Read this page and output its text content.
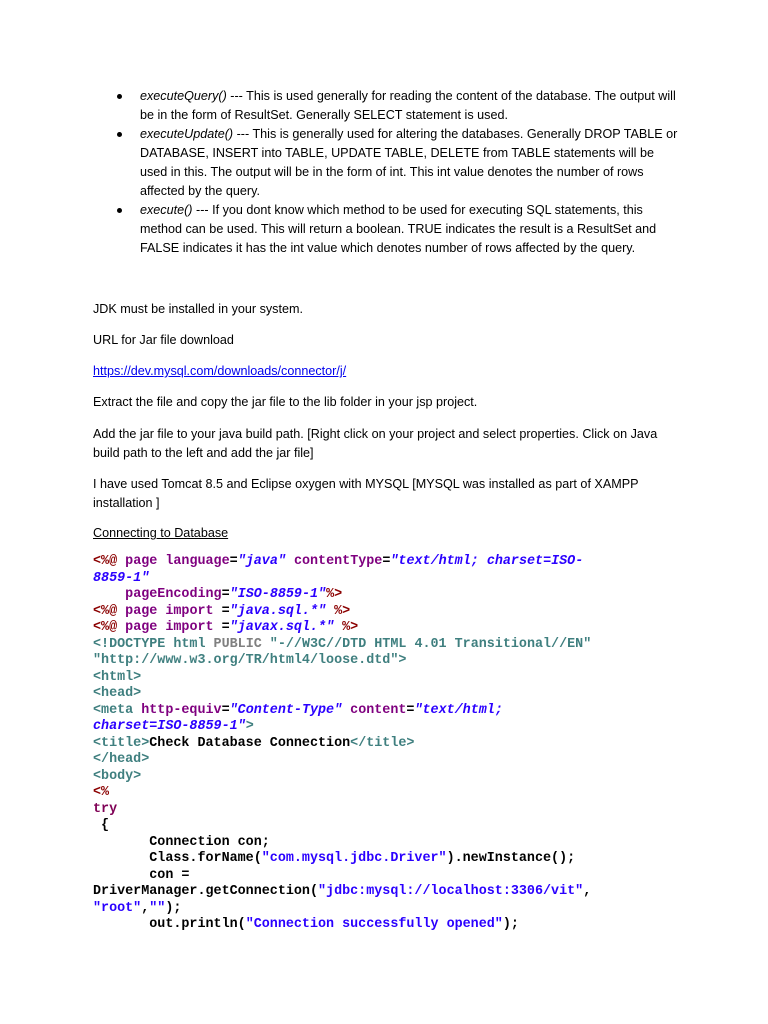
executeQuery() --- This is used generally for reading the content of the database. The output will be in the form of ResultSet. Generally SELECT statement is used.
executeUpdate() --- This is generally used for altering the databases. Generally DROP TABLE or DATABASE, INSERT into TABLE, UPDATE TABLE, DELETE from TABLE statements will be used in this. The output will be in the form of int. This int value denotes the number of rows affected by the query.
execute() --- If you dont know which method to be used for executing SQL statements, this method can be used. This will return a boolean. TRUE indicates the result is a ResultSet and FALSE indicates it has the int value which denotes number of rows affected by the query.

JDK must be installed in your system.

URL for Jar file download

https://dev.mysql.com/downloads/connector/j/

Extract the file and copy the jar file to the lib folder in your jsp project.

Add the jar file to your java build path. [Right click on your project and select properties. Click on Java build path to the left and add the jar file]

I have used Tomcat 8.5 and Eclipse oxygen with MYSQL [MYSQL was installed as part of XAMPP installation ]

Connecting to Database

<%@ page language="java" contentType="text/html; charset=ISO-
8859-1"
pageEncoding="ISO-8859-1"%>
<%@ page import ="java.sql.*" %>
<%@ page import ="javax.sql.*" %>
<!DOCTYPE html PUBLIC "-//W3C//DTD HTML 4.01 Transitional//EN"
"http://www.w3.org/TR/html4/loose.dtd">
<html>
<head>
<meta http-equiv="Content-Type" content="text/html;
charset=ISO-8859-1">
<title>Check Database Connection</title>
</head>
<body>
<%
try
{
Connection con;
Class.forName("com.mysql.jdbc.Driver").newInstance();
con =
DriverManager.getConnection("jdbc:mysql://localhost:3306/vit",
"root","");
out.println("Connection successfully opened");
